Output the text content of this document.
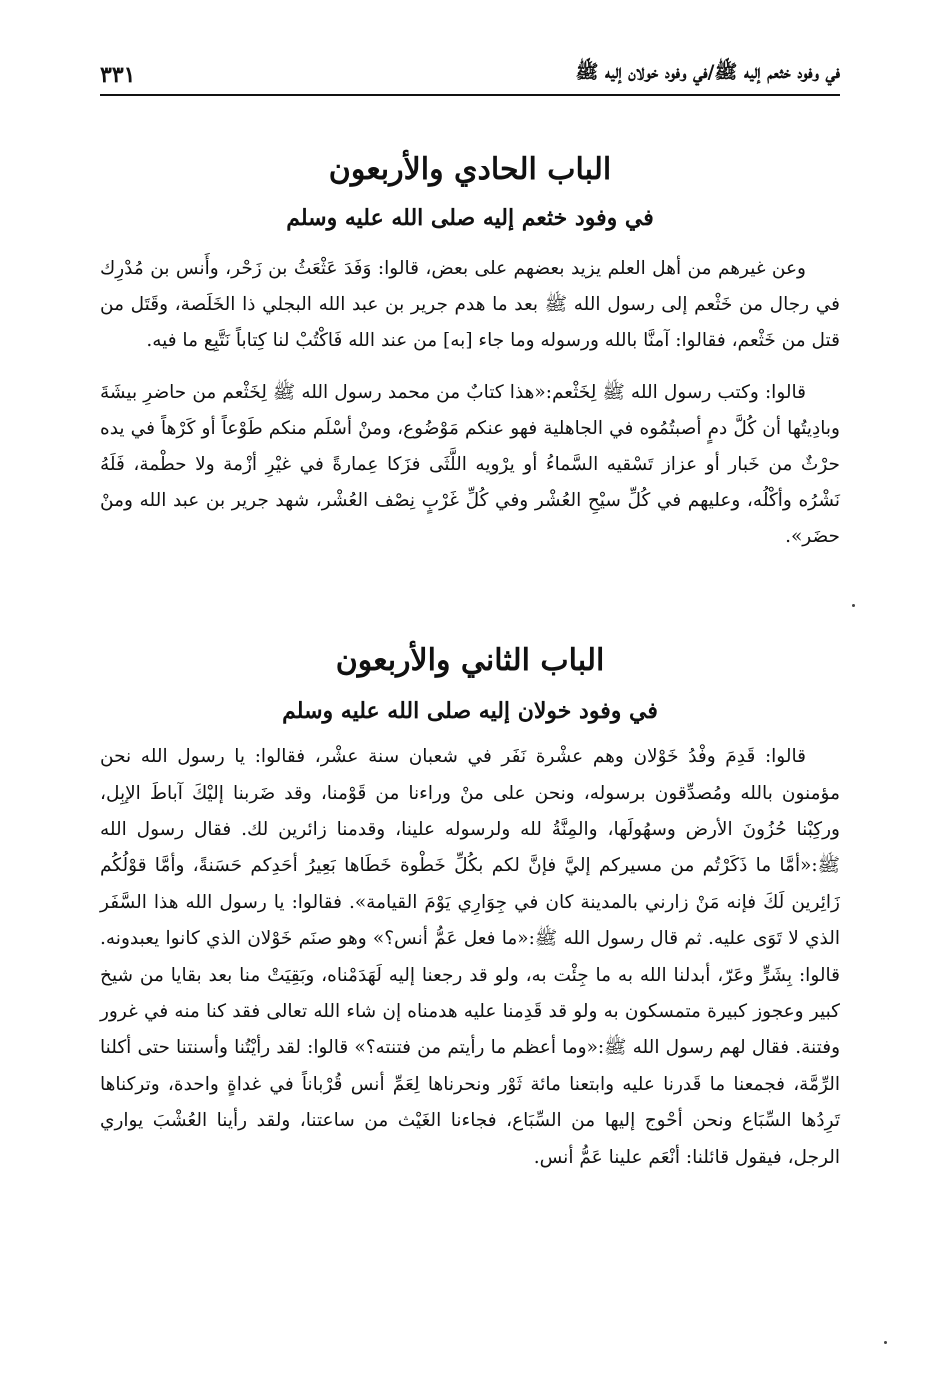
في وفود خثعم إليه ﷺ/في وفود خولان إليه ﷺ
٣٣١
الباب الحادي والأربعون
في وفود خثعم إليه صلى الله عليه وسلم

وعن غيرهم من أهل العلم يزيد بعضهم على بعض، قالوا: وَفَدَ عَثْعَثُ بن زَحْر، وأَنس بن مُدْرِك في رجال من خَثْعم إلى رسول الله ﷺ بعد ما هدم جرير بن عبد الله البجلي ذا الخَلَصة، وقَتَل من قتل من خَثْعم، فقالوا: آمنَّا بالله ورسوله وما جاء [به] من عند الله فَاكْتُبْ لنا كِتاباً نَتَّبِع ما فيه.

قالوا: وكتب رسول الله ﷺ لِخَثْعم:«هذا كتابٌ من محمد رسول الله ﷺ لِخَثْعم من حاضرِ بيشَةَ وبادِيتُها أن كُلَّ دمٍ أصبتُمُوه في الجاهلية فهو عنكم مَوْضُوع، ومنْ أسْلَم منكم طَوْعاً أو كَرْهاً في يده حرْثٌ من خَبار أو عزاز تَسْقيه السَّماءُ أو يرْويه اللَّثَى فزَكا عِمارةً في غيْرِ أزْمة ولا حطْمة، فَلَهُ نَشْرُه وأكْلُه، وعليهم في كُلِّ سيْحِ العُشْر وفي كُلِّ غَرْبٍ نِصْف العُشْر، شهد جرير بن عبد الله ومنْ حضَر».

الباب الثاني والأربعون
في وفود خولان إليه صلى الله عليه وسلم

قالوا: قَدِمَ وفْدُ خَوْلان وهم عشْرة نَفَر في شعبان سنة عشْر، فقالوا: يا رسول الله نحن مؤمنون بالله ومُصدِّقون برسوله، ونحن على منْ وراءنا من قَوْمنا، وقد ضَربنا إليْكَ آباطَ الإبِل، وركِبْنا حُزُونَ الأرض وسهُولَها، والمِنَّةُ لله ولرسوله علينا، وقدمنا زائرين لك. فقال رسول الله ﷺ:«أمَّا ما ذَكَرْتُم من مسيركم إليَّ فإنَّ لكم بكُلِّ خَطْوة خَطَاها بَعِيرُ أحَدِكم حَسَنةً، وأمَّا قوْلُكُم زَائِرين لَكَ فإنه مَنْ زارني بالمدينة كان في جِوَارِي يَوْمَ القيامة». فقالوا: يا رسول الله هذا السَّفَر الذي لا تَوَى عليه. ثم قال رسول الله ﷺ:«ما فعل عَمُّ أنس؟» وهو صنَم خَوْلان الذي كانوا يعبدونه. قالوا: بِشَرٍّ وعَرّ، أبدلنا الله به ما جِئْت به، ولو قد رجعنا إليه لَهَدَمْناه، وبَقِيَتْ منا بعد بقايا من شيخ كبير وعجوز كبيرة متمسكون به ولو قد قَدِمنا عليه هدمناه إن شاء الله تعالى فقد كنا منه في غرور وفتنة. فقال لهم رسول الله ﷺ:«وما أعظم ما رأيتم من فتنته؟» قالوا: لقد رأيْتُنا وأسنتنا حتى أكلنا الرِّمَّة، فجمعنا ما قَدرنا عليه وابتعنا مائة ثَوْر ونحرناها لِعَمِّ أنس قُرْباناً في غداةٍ واحدة، وتركناها تَرِدُها السِّبَاع ونحن أحْوج إليها من السِّبَاع، فجاءنا الغَيْث من ساعتنا، ولقد رأينا العُشْبَ يواري الرجل، فيقول قائلنا: أنْعَم علينا عَمُّ أنس.
